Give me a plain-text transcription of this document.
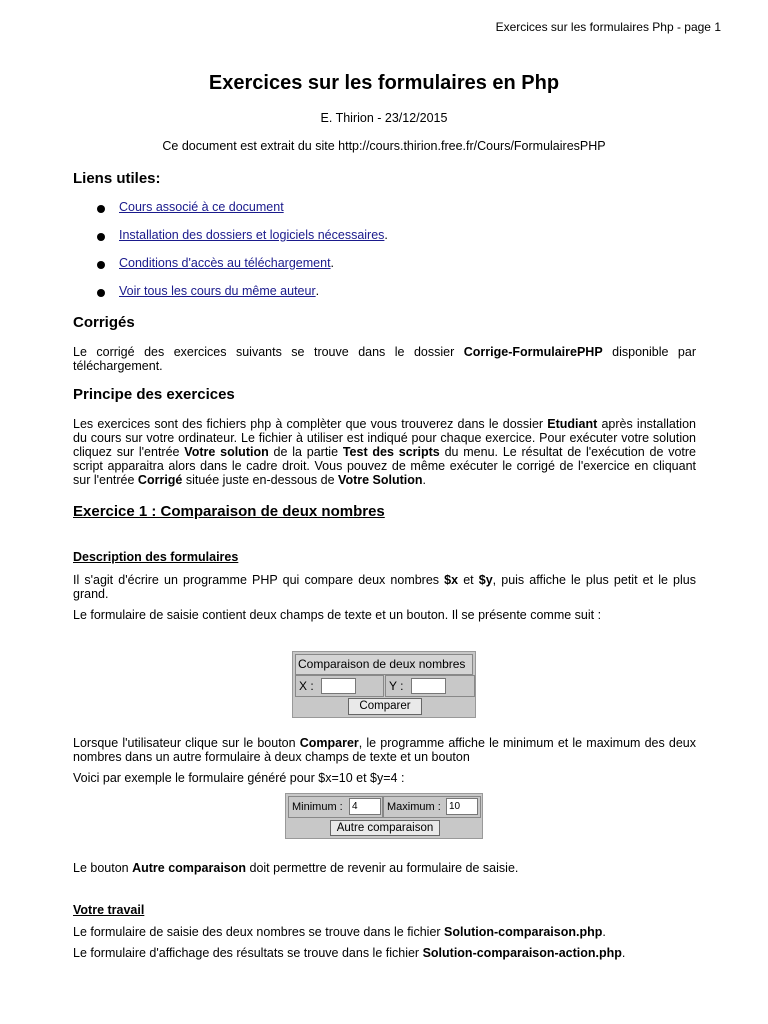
Exercices sur les formulaires Php - page 1
Exercices sur les formulaires en Php
E. Thirion - 23/12/2015
Ce document est extrait du site http://cours.thirion.free.fr/Cours/FormulairesPHP
Liens utiles:
Cours associé à ce document
Installation des dossiers et logiciels nécessaires .
Conditions d'accès au téléchargement .
Voir tous les cours du même auteur .
Corrigés

Le corrigé des exercices suivants se trouve dans le dossier Corrige-FormulairePHP disponible par téléchargement.

Principe des exercices

Les exercices sont des fichiers php à complèter que vous trouverez dans le dossier Etudiant après installation du cours sur votre ordinateur. Le fichier à utiliser est indiqué pour chaque exercice. Pour exécuter votre solution cliquez sur l'entrée Votre solution de la partie Test des scripts du menu. Le résultat de l'exécution de votre script apparaitra alors dans le cadre droit. Vous pouvez de même exécuter le corrigé de l'exercice en cliquant sur l'entrée Corrigé située juste en-dessous de Votre Solution.

Exercice 1 : Comparaison de deux nombres
Description des formulaires

Il s'agit d'écrire un programme PHP qui compare deux nombres $x et $y, puis affiche le plus petit et le plus grand.

Le formulaire de saisie contient deux champs de texte et un bouton. Il se présente comme suit :

Comparaison de deux nombres
X :	Y :
Comparer

Lorsque l'utilisateur clique sur le bouton Comparer, le programme affiche le minimum et le maximum des deux nombres dans un autre formulaire à deux champs de texte et un bouton

Voici par exemple le formulaire généré pour $x=10 et $y=4 :

Minimum : 4	Maximum : 10
Autre comparaison

Le bouton Autre comparaison doit permettre de revenir au formulaire de saisie.

Votre travail

Le formulaire de saisie des deux nombres se trouve dans le fichier Solution-comparaison.php.

Le formulaire d'affichage des résultats se trouve dans le fichier Solution-comparaison-action.php.
